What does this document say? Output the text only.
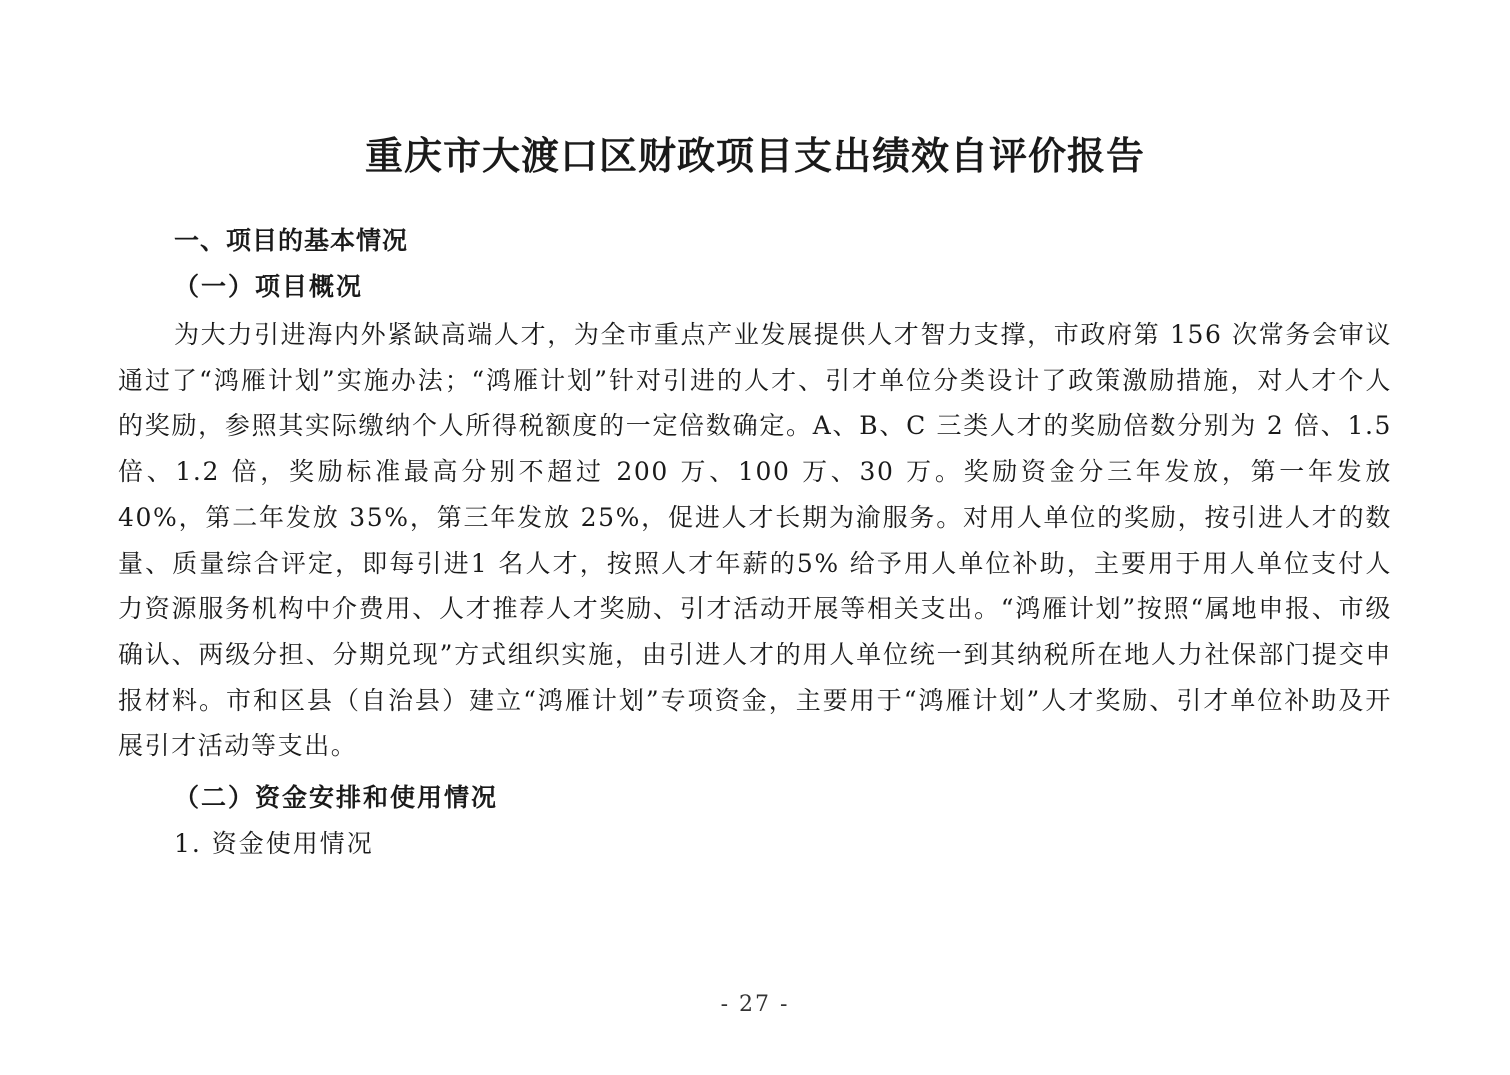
重庆市大渡口区财政项目支出绩效自评价报告
一、项目的基本情况
（一）项目概况

为大力引进海内外紧缺高端人才，为全市重点产业发展提供人才智力支撑，市政府第 156 次常务会审议通过了“鸿雁计划”实施办法；“鸿雁计划”针对引进的人才、引才单位分类设计了政策激励措施，对人才个人的奖励，参照其实际缴纳个人所得税额度的一定倍数确定。A、B、C 三类人才的奖励倍数分别为 2 倍、1.5 倍、1.2 倍，奖励标准最高分别不超过 200 万、100 万、30 万。奖励资金分三年发放，第一年发放 40%，第二年发放 35%，第三年发放 25%，促进人才长期为渝服务。对用人单位的奖励，按引进人才的数量、质量综合评定，即每引进1 名人才，按照人才年薪的5% 给予用人单位补助，主要用于用人单位支付人力资源服务机构中介费用、人才推荐人才奖励、引才活动开展等相关支出。“鸿雁计划”按照“属地申报、市级确认、两级分担、分期兑现”方式组织实施，由引进人才的用人单位统一到其纳税所在地人力社保部门提交申报材料。市和区县（自治县）建立“鸿雁计划”专项资金，主要用于“鸿雁计划”人才奖励、引才单位补助及开展引才活动等支出。

（二）资金安排和使用情况

1. 资金使用情况

- 27 -
